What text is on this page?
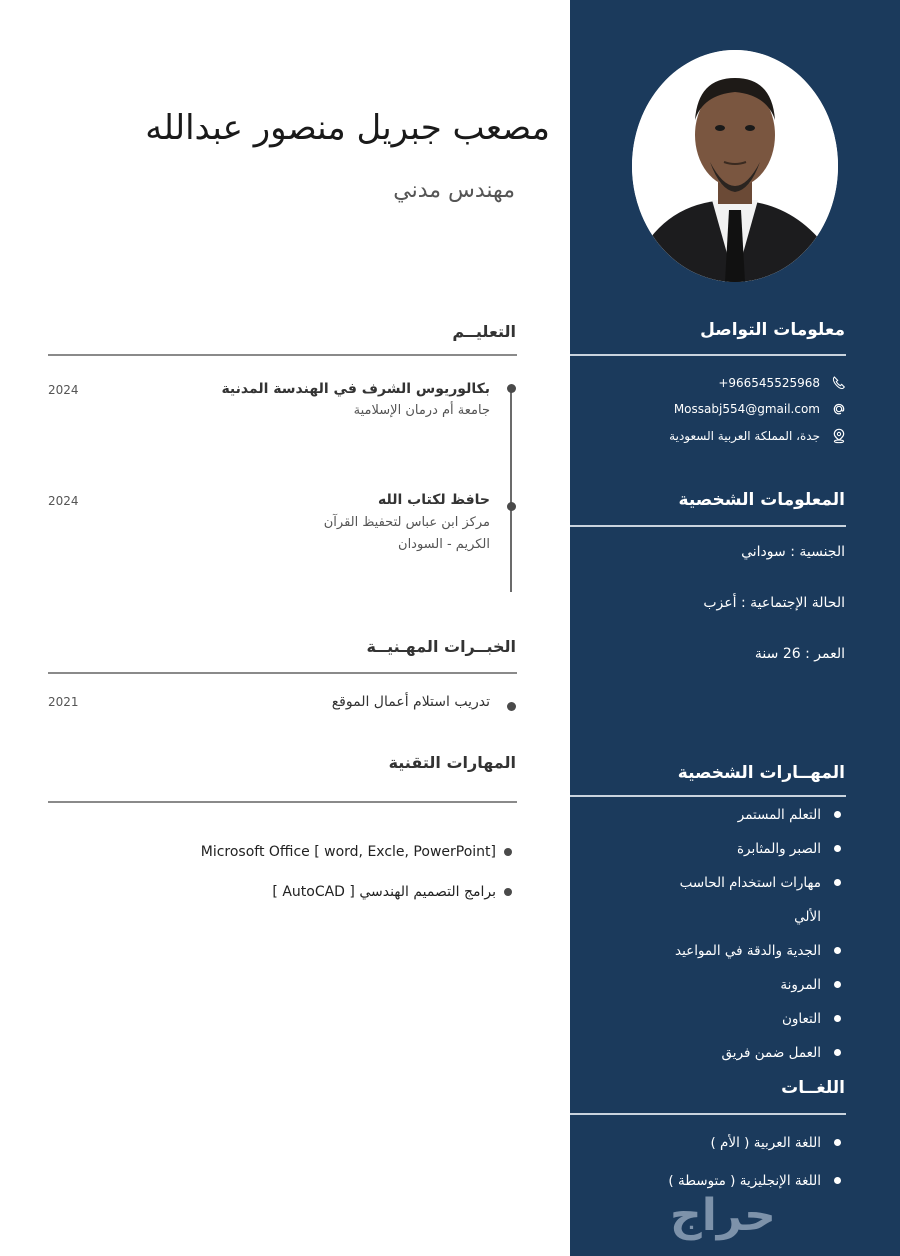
معلومات التواصل
+966545525968
Mossabj554@gmail.com
جدة، المملكة العربية السعودية
المعلومات الشخصية
الجنسية : سوداني
الحالة الإجتماعية : أعزب
العمر : 26 سنة
المهــارات الشخصية
التعلم المستمر
الصبر والمثابرة
مهارات استخدام الحاسب
الألي
الجدية والدقة في المواعيد
المرونة
التعاون
العمل ضمن فريق
اللغــات
اللغة العربية ( الأم )
اللغة الإنجليزية ( متوسطة )
حراج
مصعب جبريل منصور عبدالله
مهندس مدني
التعليــم
بكالوريوس الشرف في الهندسة المدنية
جامعة أم درمان الإسلامية
2024
حافظ لكتاب الله
مركز ابن عباس لتحفيظ القرآن
الكريم - السودان
2024
الخبــرات المهـنيــة
تدريب استلام أعمال الموقع
2021
المهارات التقنية
Microsoft Office [ word, Excle, PowerPoint]
برامج التصميم الهندسي [ AutoCAD ]
